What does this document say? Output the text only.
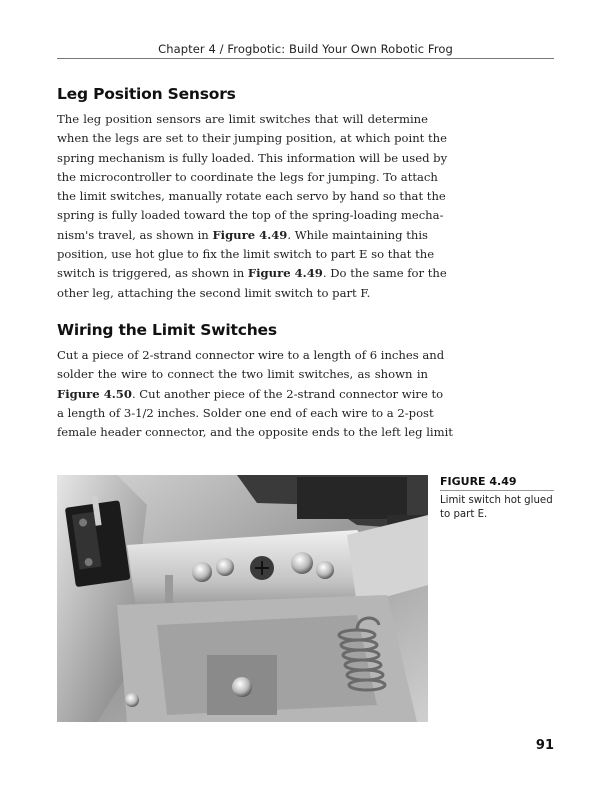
Chapter 4 / Frogbotic: Build Your Own Robotic Frog
Leg Position Sensors

The leg position sensors are limit switches that will determine
when the legs are set to their jumping position, at which point the
spring mechanism is fully loaded. This information will be used by
the microcontroller to coordinate the legs for jumping. To attach
the limit switches, manually rotate each servo by hand so that the
spring is fully loaded toward the top of the spring-loading mecha-
nism's travel, as shown in Figure 4.49. While maintaining this
position, use hot glue to fix the limit switch to part E so that the
switch is triggered, as shown in Figure 4.49. Do the same for the
other leg, attaching the second limit switch to part F.

Wiring the Limit Switches

Cut a piece of 2-strand connector wire to a length of 6 inches and
solder the wire to connect the two limit switches, as shown in
Figure 4.50. Cut another piece of the 2-strand connector wire to
a length of 3-1/2 inches. Solder one end of each wire to a 2-post
female header connector, and the opposite ends to the left leg limit

FIGURE 4.49
Limit switch hot glued to part E.
91
